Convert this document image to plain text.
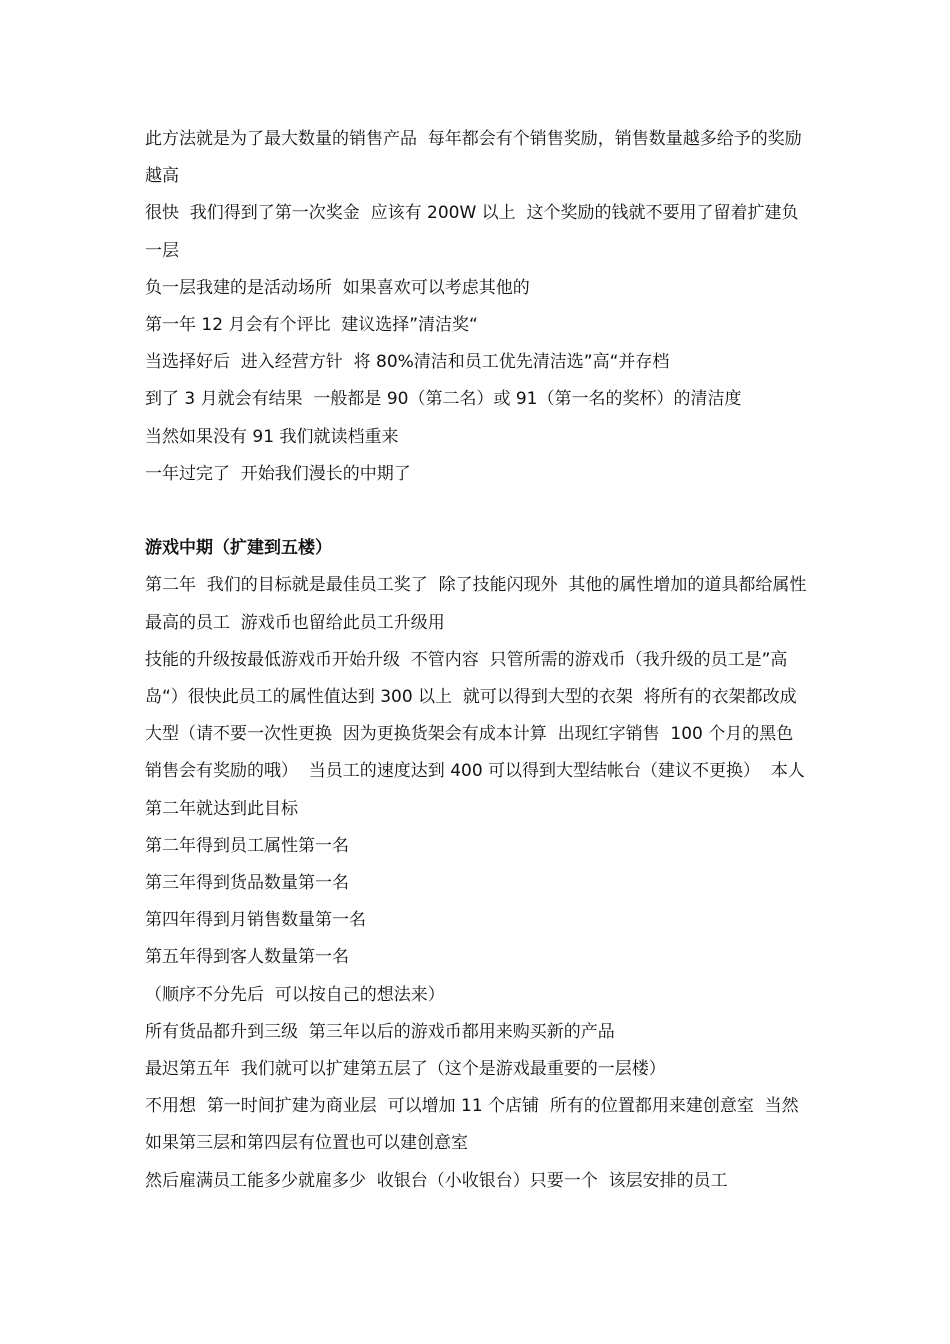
此方法就是为了最大数量的销售产品  每年都会有个销售奖励，销售数量越多给予的奖励越高

很快  我们得到了第一次奖金  应该有 200W 以上  这个奖励的钱就不要用了留着扩建负一层

负一层我建的是活动场所  如果喜欢可以考虑其他的

第一年 12 月会有个评比  建议选择”清洁奖“

当选择好后  进入经营方针  将 80%清洁和员工优先清洁选”高“并存档

到了 3 月就会有结果  一般都是 90（第二名）或 91（第一名的奖杯）的清洁度

当然如果没有 91 我们就读档重来

一年过完了  开始我们漫长的中期了

游戏中期（扩建到五楼）

第二年  我们的目标就是最佳员工奖了  除了技能闪现外  其他的属性增加的道具都给属性最高的员工  游戏币也留给此员工升级用

技能的升级按最低游戏币开始升级  不管内容  只管所需的游戏币（我升级的员工是”高岛“）很快此员工的属性值达到 300 以上  就可以得到大型的衣架  将所有的衣架都改成大型（请不要一次性更换  因为更换货架会有成本计算  出现红字销售  100 个月的黑色销售会有奖励的哦）  当员工的速度达到 400 可以得到大型结帐台（建议不更换）  本人第二年就达到此目标

第二年得到员工属性第一名

第三年得到货品数量第一名

第四年得到月销售数量第一名

第五年得到客人数量第一名

（顺序不分先后  可以按自己的想法来）

所有货品都升到三级  第三年以后的游戏币都用来购买新的产品

最迟第五年  我们就可以扩建第五层了（这个是游戏最重要的一层楼）

不用想  第一时间扩建为商业层  可以增加 11 个店铺  所有的位置都用来建创意室  当然如果第三层和第四层有位置也可以建创意室

然后雇满员工能多少就雇多少  收银台（小收银台）只要一个  该层安排的员工
